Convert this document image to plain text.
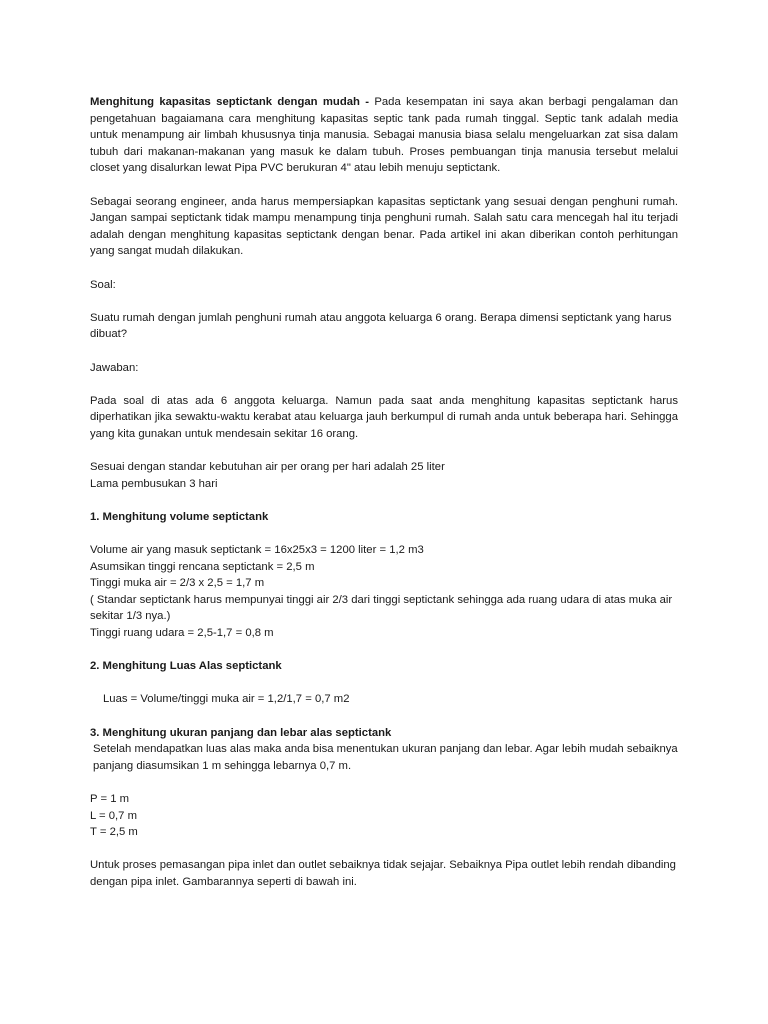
Menghitung kapasitas septictank dengan mudah - Pada kesempatan ini saya akan berbagi pengalaman dan pengetahuan bagaiamana cara menghitung kapasitas septic tank pada rumah tinggal. Septic tank adalah media untuk menampung air limbah khususnya tinja manusia. Sebagai manusia biasa selalu mengeluarkan zat sisa dalam tubuh dari makanan-makanan yang masuk ke dalam tubuh. Proses pembuangan tinja manusia tersebut melalui closet yang disalurkan lewat Pipa PVC berukuran 4" atau lebih menuju septictank.

Sebagai seorang engineer, anda harus mempersiapkan kapasitas septictank yang sesuai dengan penghuni rumah. Jangan sampai septictank tidak mampu menampung tinja penghuni rumah. Salah satu cara mencegah hal itu terjadi adalah dengan menghitung kapasitas septictank dengan benar. Pada artikel ini akan diberikan contoh perhitungan yang sangat mudah dilakukan.

Soal:

Suatu rumah dengan jumlah penghuni rumah atau anggota keluarga 6 orang. Berapa dimensi septictank yang harus dibuat?

Jawaban:

Pada soal di atas ada 6 anggota keluarga. Namun pada saat anda menghitung kapasitas septictank harus diperhatikan jika sewaktu-waktu kerabat atau keluarga jauh berkumpul di rumah anda untuk beberapa hari. Sehingga yang kita gunakan untuk mendesain sekitar 16 orang.

Sesuai dengan standar kebutuhan air per orang per hari adalah 25 liter

Lama pembusukan 3 hari

1. Menghitung volume septictank

Volume air yang masuk septictank = 16x25x3 = 1200 liter = 1,2 m3

Asumsikan tinggi rencana septictank = 2,5 m

Tinggi muka air = 2/3 x 2,5 = 1,7 m

( Standar septictank harus mempunyai tinggi air 2/3 dari tinggi septictank sehingga ada ruang udara di atas muka air sekitar 1/3 nya.)

Tinggi ruang udara = 2,5-1,7 = 0,8 m

2. Menghitung Luas Alas septictank

Luas = Volume/tinggi muka air = 1,2/1,7 = 0,7 m2

3. Menghitung ukuran panjang dan lebar alas septictank

Setelah mendapatkan luas alas maka anda bisa menentukan ukuran panjang dan lebar. Agar lebih mudah sebaiknya panjang diasumsikan 1 m sehingga lebarnya 0,7 m.

P = 1 m

L = 0,7 m

T = 2,5 m

Untuk proses pemasangan pipa inlet dan outlet sebaiknya tidak sejajar. Sebaiknya Pipa outlet lebih rendah dibanding dengan pipa inlet. Gambarannya seperti di bawah ini.
